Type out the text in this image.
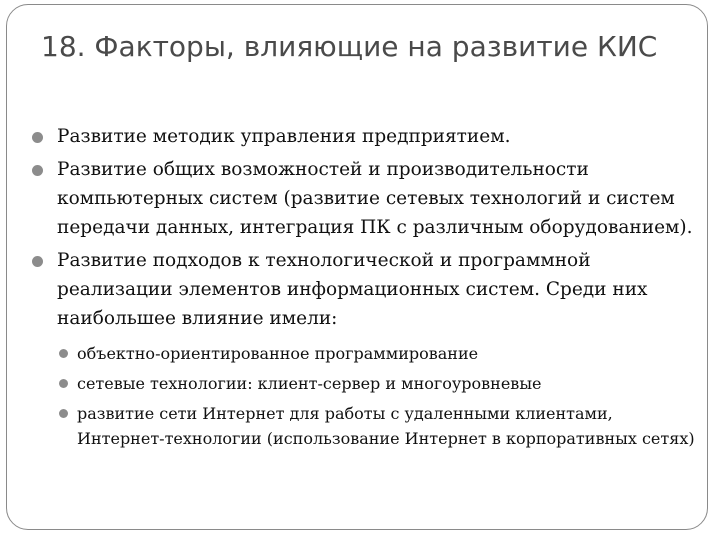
18. Факторы, влияющие на развитие КИС
Развитие методик управления предприятием.
Развитие общих возможностей и производительности компьютерных систем (развитие сетевых технологий и систем передачи данных, интеграция ПК с различным оборудованием).
Развитие подходов к технологической и программной реализации элементов информационных систем. Среди них наибольшее влияние имели:
объектно-ориентированное программирование
сетевые технологии: клиент-сервер и многоуровневые
развитие сети Интернет для работы с удаленными клиентами, Интернет-технологии (использование Интернет в корпоративных сетях)
